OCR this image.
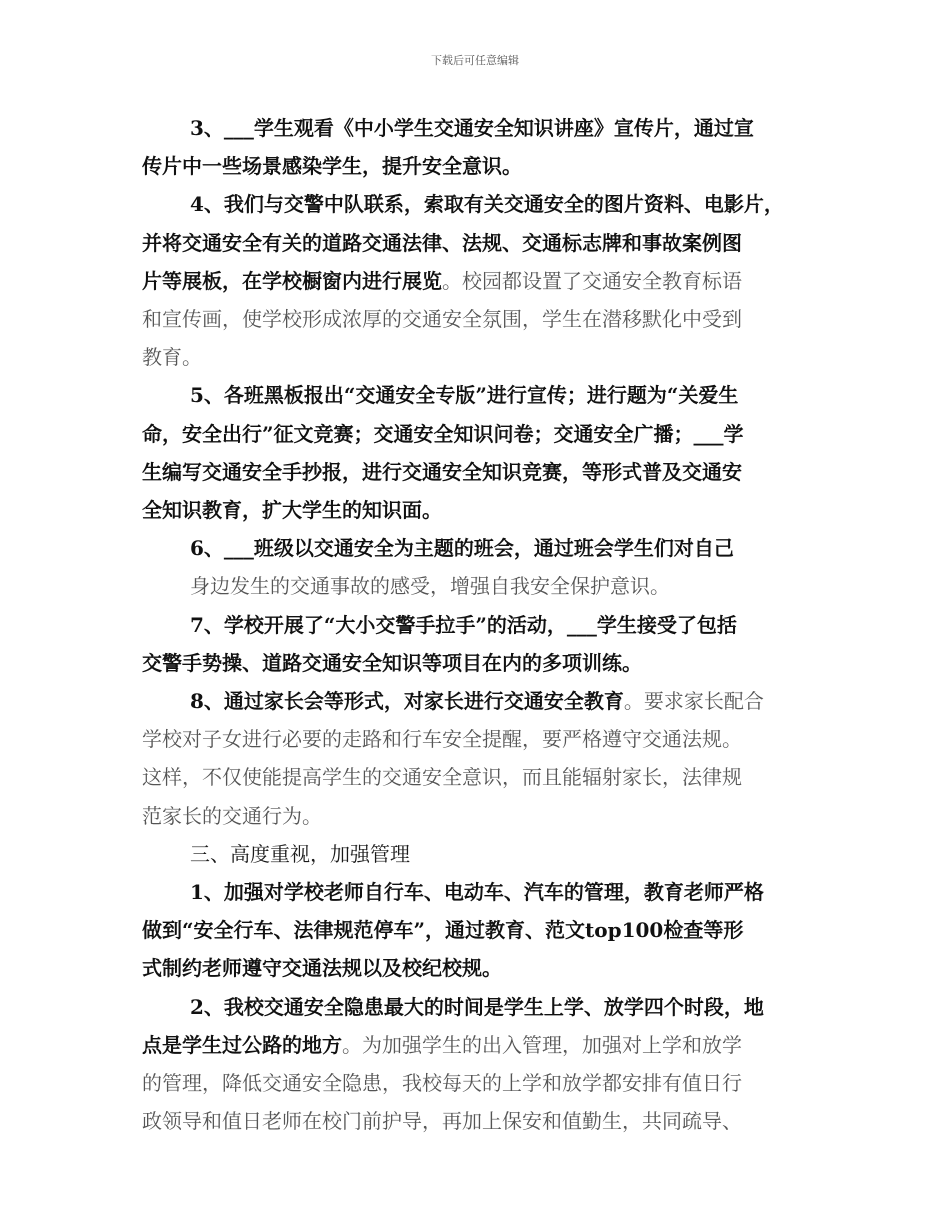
下载后可任意编辑
3、___学生观看《中小学生交通安全知识讲座》宣传片，通过宣
传片中一些场景感染学生，提升安全意识。
4、我们与交警中队联系，索取有关交通安全的图片资料、电影片，
并将交通安全有关的道路交通法律、法规、交通标志牌和事故案例图
片等展板，在学校橱窗内进行展览。校园都设置了交通安全教育标语
和宣传画，使学校形成浓厚的交通安全氛围，学生在潜移默化中受到
教育。
5、各班黑板报出“交通安全专版”进行宣传；进行题为“关爱生
命，安全出行”征文竞赛；交通安全知识问卷；交通安全广播；___学
生编写交通安全手抄报，进行交通安全知识竞赛，等形式普及交通安
全知识教育，扩大学生的知识面。
6、___班级以交通安全为主题的班会，通过班会学生们对自己
身边发生的交通事故的感受，增强自我安全保护意识。
7、学校开展了“大小交警手拉手”的活动，___学生接受了包括
交警手势操、道路交通安全知识等项目在内的多项训练。
8、通过家长会等形式，对家长进行交通安全教育。要求家长配合
学校对子女进行必要的走路和行车安全提醒，要严格遵守交通法规。
这样，不仅使能提高学生的交通安全意识，而且能辐射家长，法律规
范家长的交通行为。
三、高度重视，加强管理
1、加强对学校老师自行车、电动车、汽车的管理，教育老师严格
做到“安全行车、法律规范停车”，通过教育、范文top100检查等形
式制约老师遵守交通法规以及校纪校规。
2、我校交通安全隐患最大的时间是学生上学、放学四个时段，地
点是学生过公路的地方。为加强学生的出入管理，加强对上学和放学
的管理，降低交通安全隐患，我校每天的上学和放学都安排有值日行
政领导和值日老师在校门前护导，再加上保安和值勤生，共同疏导、
